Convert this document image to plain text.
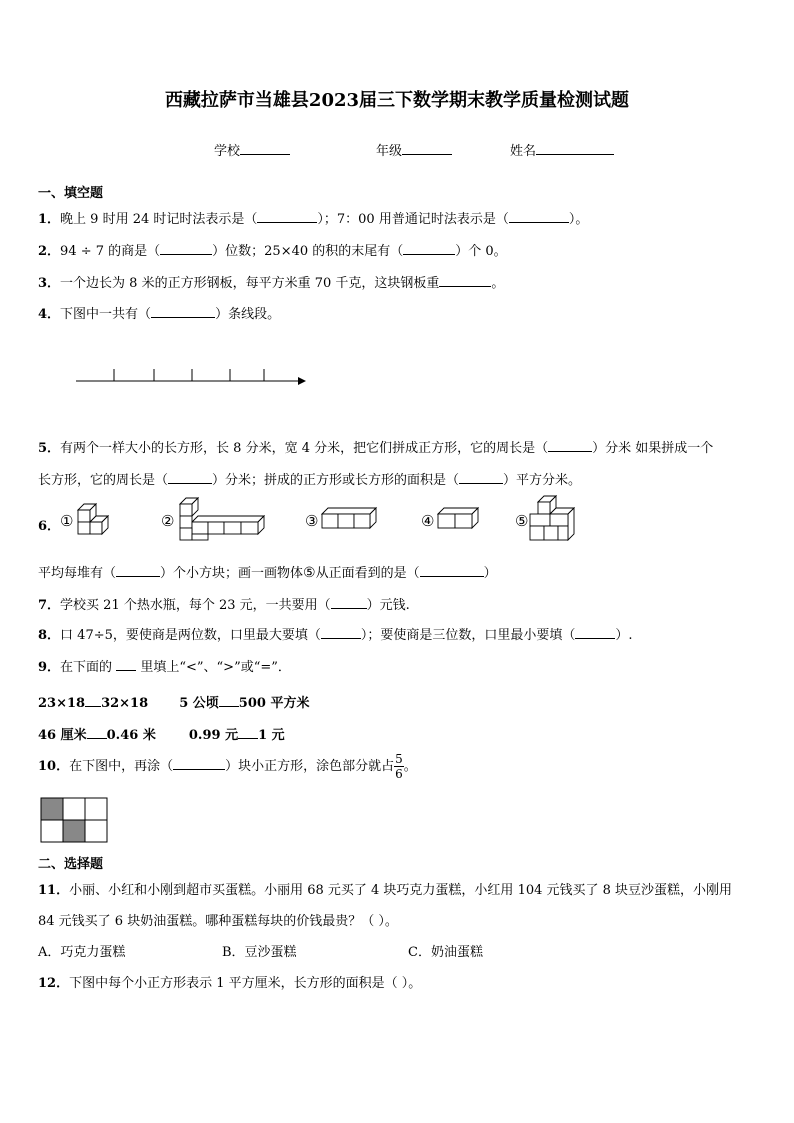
西藏拉萨市当雄县2023届三下数学期末教学质量检测试题
学校	年级	姓名
一、填空题
1．晚上 9 时用 24 时记时法表示是（	）；7：00 用普通记时法表示是（	）。
2．94 ÷ 7 的商是（	）位数；25×40 的积的末尾有（	）个 0。
3．一个边长为 8 米的正方形钢板，每平方米重 70 千克，这块钢板重	。
4．下图中一共有（	）条线段。
5．有两个一样大小的长方形，长 8 分米，宽 4 分米，把它们拼成正方形，它的周长是（	）分米 如果拼成一个
长方形，它的周长是（	）分米；拼成的正方形或长方形的面积是（	）平方分米。
6． ①	②	③	④	⑤
平均每堆有（	）个小方块；画一画物体⑤从正面看到的是（	）
7．学校买 21 个热水瓶，每个 23 元，一共要用（	）元钱.
8．口 47÷5，要使商是两位数，口里最大要填（	）；要使商是三位数，口里最小要填（	）.
9．在下面的 里填上“<”、“>”或“=”．
23×18 32×18 5 公顷 500 平方米
46 厘米 0.46 米	0.99 元 1 元
10．在下图中，再涂（	）块小正方形，涂色部分就占 $\frac{5}{6}$ 。
二、选择题
11．小丽、小红和小刚到超市买蛋糕。小丽用 68 元买了 4 块巧克力蛋糕，小红用 104 元钱买了 8 块豆沙蛋糕，小刚用
84 元钱买了 6 块奶油蛋糕。哪种蛋糕每块的价钱最贵？（ ）。
A．巧克力蛋糕	B．豆沙蛋糕	C．奶油蛋糕
12．下图中每个小正方形表示 1 平方厘米，长方形的面积是（ ）。
